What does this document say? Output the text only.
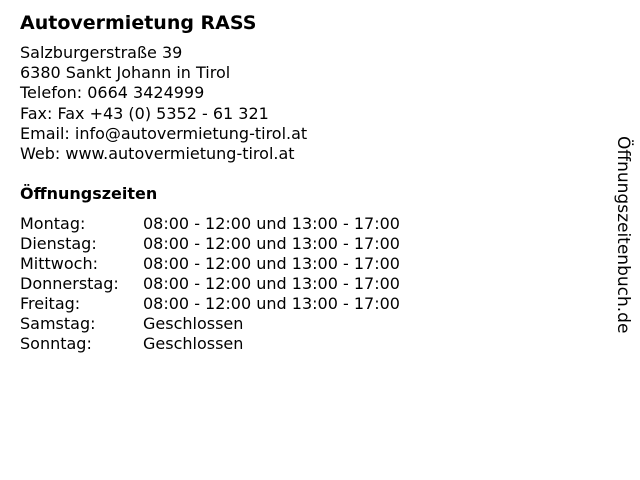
Autovermietung RASS
Salzburgerstraße 39
6380 Sankt Johann in Tirol
Telefon: 0664 3424999
Fax: Fax +43 (0) 5352 - 61 321
Email: info@autovermietung-tirol.at
Web: www.autovermietung-tirol.at
Öffnungszeiten
Montag:	08:00 - 12:00 und 13:00 - 17:00
Dienstag:	08:00 - 12:00 und 13:00 - 17:00
Mittwoch:	08:00 - 12:00 und 13:00 - 17:00
Donnerstag:	08:00 - 12:00 und 13:00 - 17:00
Freitag:	08:00 - 12:00 und 13:00 - 17:00
Samstag:	Geschlossen
Sonntag:	Geschlossen
Öffnungszeitenbuch.de
